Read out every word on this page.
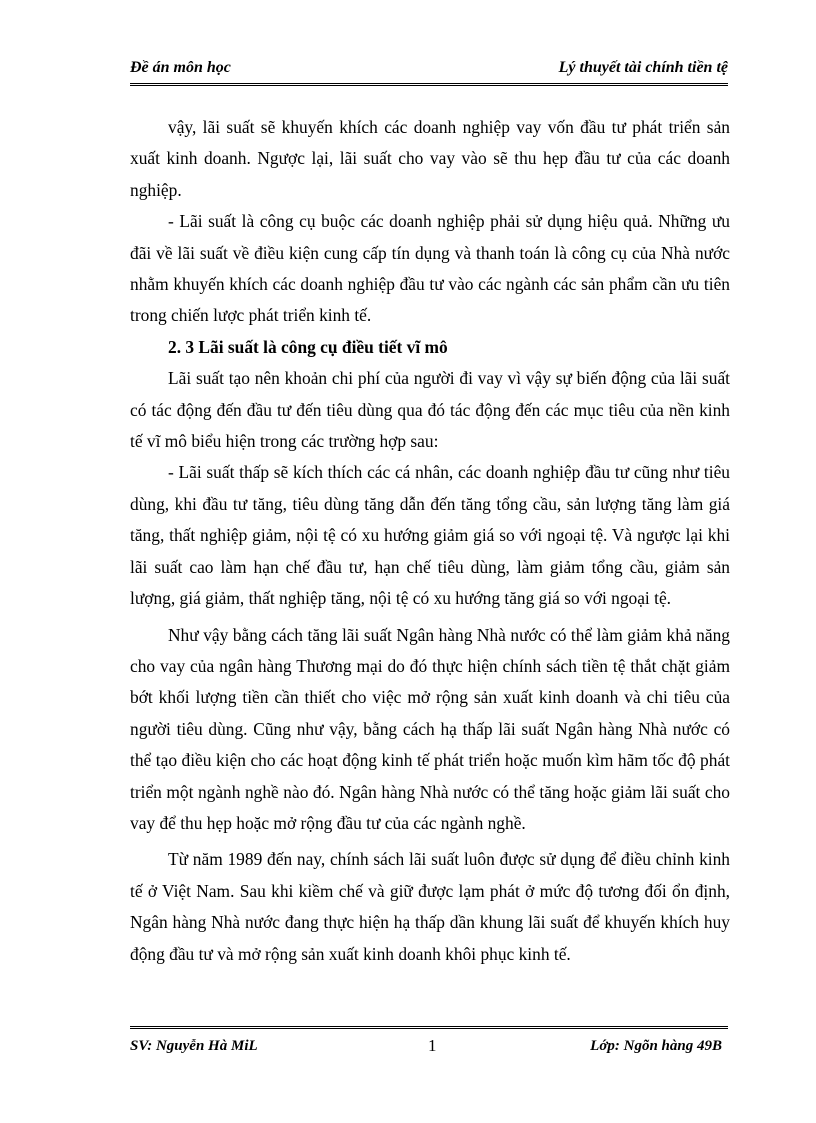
Đề án môn học	Lý thuyết tài chính tiền tệ

vậy, lãi suất sẽ khuyến khích các doanh nghiệp vay vốn đầu tư phát triển sản xuất kinh doanh. Ngược lại, lãi suất cho vay vào sẽ thu hẹp đầu tư của các doanh nghiệp.

- Lãi suất là công cụ buộc các doanh nghiệp phải sử dụng hiệu quả. Những ưu đãi về lãi suất về điều kiện cung cấp tín dụng và thanh toán là công cụ của Nhà nước nhằm khuyến khích các doanh nghiệp đầu tư vào các ngành các sản phẩm cần ưu tiên trong chiến lược phát triển kinh tế.

2. 3 Lãi suất là công cụ điều tiết vĩ mô

Lãi suất tạo nên khoản chi phí của người đi vay vì vậy sự biến động của lãi suất có tác động đến đầu tư đến tiêu dùng qua đó tác động đến các mục tiêu của nền kinh tế vĩ mô biểu hiện trong các trường hợp sau:

- Lãi suất thấp sẽ kích thích các cá nhân, các doanh nghiệp đầu tư cũng như tiêu dùng, khi đầu tư tăng, tiêu dùng tăng dẫn đến tăng tổng cầu, sản lượng tăng làm giá tăng, thất nghiệp giảm, nội tệ có xu hướng giảm giá so với ngoại tệ. Và ngược lại khi lãi suất cao làm hạn chế đầu tư, hạn chế tiêu dùng, làm giảm tổng cầu, giảm sản lượng, giá giảm, thất nghiệp tăng, nội tệ có xu hướng tăng giá so với ngoại tệ.

Như vậy bằng cách tăng lãi suất Ngân hàng Nhà nước có thể làm giảm khả năng cho vay của ngân hàng Thương mại do đó thực hiện chính sách tiền tệ thắt chặt giảm bớt khối lượng tiền cần thiết cho việc mở rộng sản xuất kinh doanh và chi tiêu của người tiêu dùng. Cũng như vậy, bằng cách hạ thấp lãi suất Ngân hàng Nhà nước có thể tạo điều kiện cho các hoạt động kinh tế phát triển hoặc muốn kìm hãm tốc độ phát triển một ngành nghề nào đó. Ngân hàng Nhà nước có thể tăng hoặc giảm lãi suất cho vay để thu hẹp hoặc mở rộng đầu tư của các ngành nghề.

Từ năm 1989 đến nay, chính sách lãi suất luôn được sử dụng để điều chỉnh kinh tế ở Việt Nam. Sau khi kiềm chế và giữ được lạm phát ở mức độ tương đối ổn định, Ngân hàng Nhà nước đang thực hiện hạ thấp dần khung lãi suất để khuyến khích huy động đầu tư và mở rộng sản xuất kinh doanh khôi phục kinh tế.

SV: Nguyễn Hà MiL	1	Lớp: Ngõn hàng 49B
